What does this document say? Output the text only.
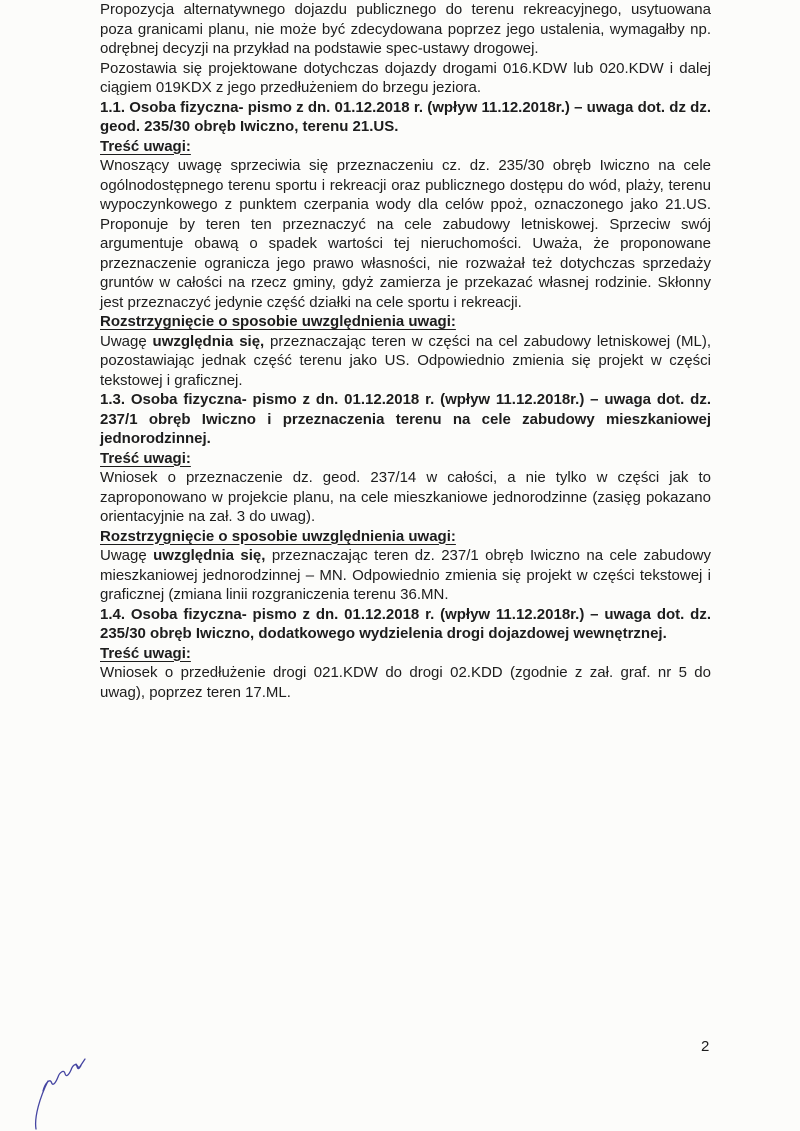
Propozycja alternatywnego dojazdu publicznego do terenu rekreacyjnego, usytuowana poza granicami planu, nie może być zdecydowana poprzez jego ustalenia, wymagałby np. odrębnej decyzji na przykład na podstawie spec-ustawy drogowej.

Pozostawia się projektowane dotychczas dojazdy drogami 016.KDW lub 020.KDW i dalej ciągiem 019KDX z jego przedłużeniem do brzegu jeziora.

1.1. Osoba fizyczna- pismo z dn. 01.12.2018 r. (wpływ 11.12.2018r.) – uwaga dot. dz dz. geod. 235/30 obręb Iwiczno, terenu 21.US.

Treść uwagi:

Wnoszący uwagę sprzeciwia się przeznaczeniu cz. dz. 235/30 obręb Iwiczno na cele ogólnodostępnego terenu sportu i rekreacji oraz publicznego dostępu do wód, plaży, terenu wypoczynkowego z punktem czerpania wody dla celów ppoż, oznaczonego jako 21.US. Proponuje by teren ten przeznaczyć na cele zabudowy letniskowej. Sprzeciw swój argumentuje obawą o spadek wartości tej nieruchomości. Uważa, że proponowane przeznaczenie ogranicza jego prawo własności, nie rozważał też dotychczas sprzedaży gruntów w całości na rzecz gminy, gdyż zamierza je przekazać własnej rodzinie. Skłonny jest przeznaczyć jedynie część działki na cele sportu i rekreacji.

Rozstrzygnięcie o sposobie uwzględnienia uwagi:

Uwagę uwzględnia się, przeznaczając teren w części na cel zabudowy letniskowej (ML), pozostawiając jednak część terenu jako US. Odpowiednio zmienia się projekt w części tekstowej i graficznej.

1.3. Osoba fizyczna- pismo z dn. 01.12.2018 r. (wpływ 11.12.2018r.) – uwaga dot. dz. 237/1 obręb Iwiczno i przeznaczenia terenu na cele zabudowy mieszkaniowej jednorodzinnej.

Treść uwagi:

Wniosek o przeznaczenie dz. geod. 237/14 w całości, a nie tylko w części jak to zaproponowano w projekcie planu, na cele mieszkaniowe jednorodzinne (zasięg pokazano orientacyjnie na zał. 3 do uwag).

Rozstrzygnięcie o sposobie uwzględnienia uwagi:

Uwagę uwzględnia się, przeznaczając teren dz. 237/1 obręb Iwiczno na cele zabudowy mieszkaniowej jednorodzinnej – MN. Odpowiednio zmienia się projekt w części tekstowej i graficznej (zmiana linii rozgraniczenia terenu 36.MN.

1.4. Osoba fizyczna- pismo z dn. 01.12.2018 r. (wpływ 11.12.2018r.) – uwaga dot. dz. 235/30 obręb Iwiczno, dodatkowego wydzielenia drogi dojazdowej wewnętrznej.

Treść uwagi:

Wniosek o przedłużenie drogi 021.KDW do drogi 02.KDD (zgodnie z zał. graf. nr 5 do uwag), poprzez teren 17.ML.

2
